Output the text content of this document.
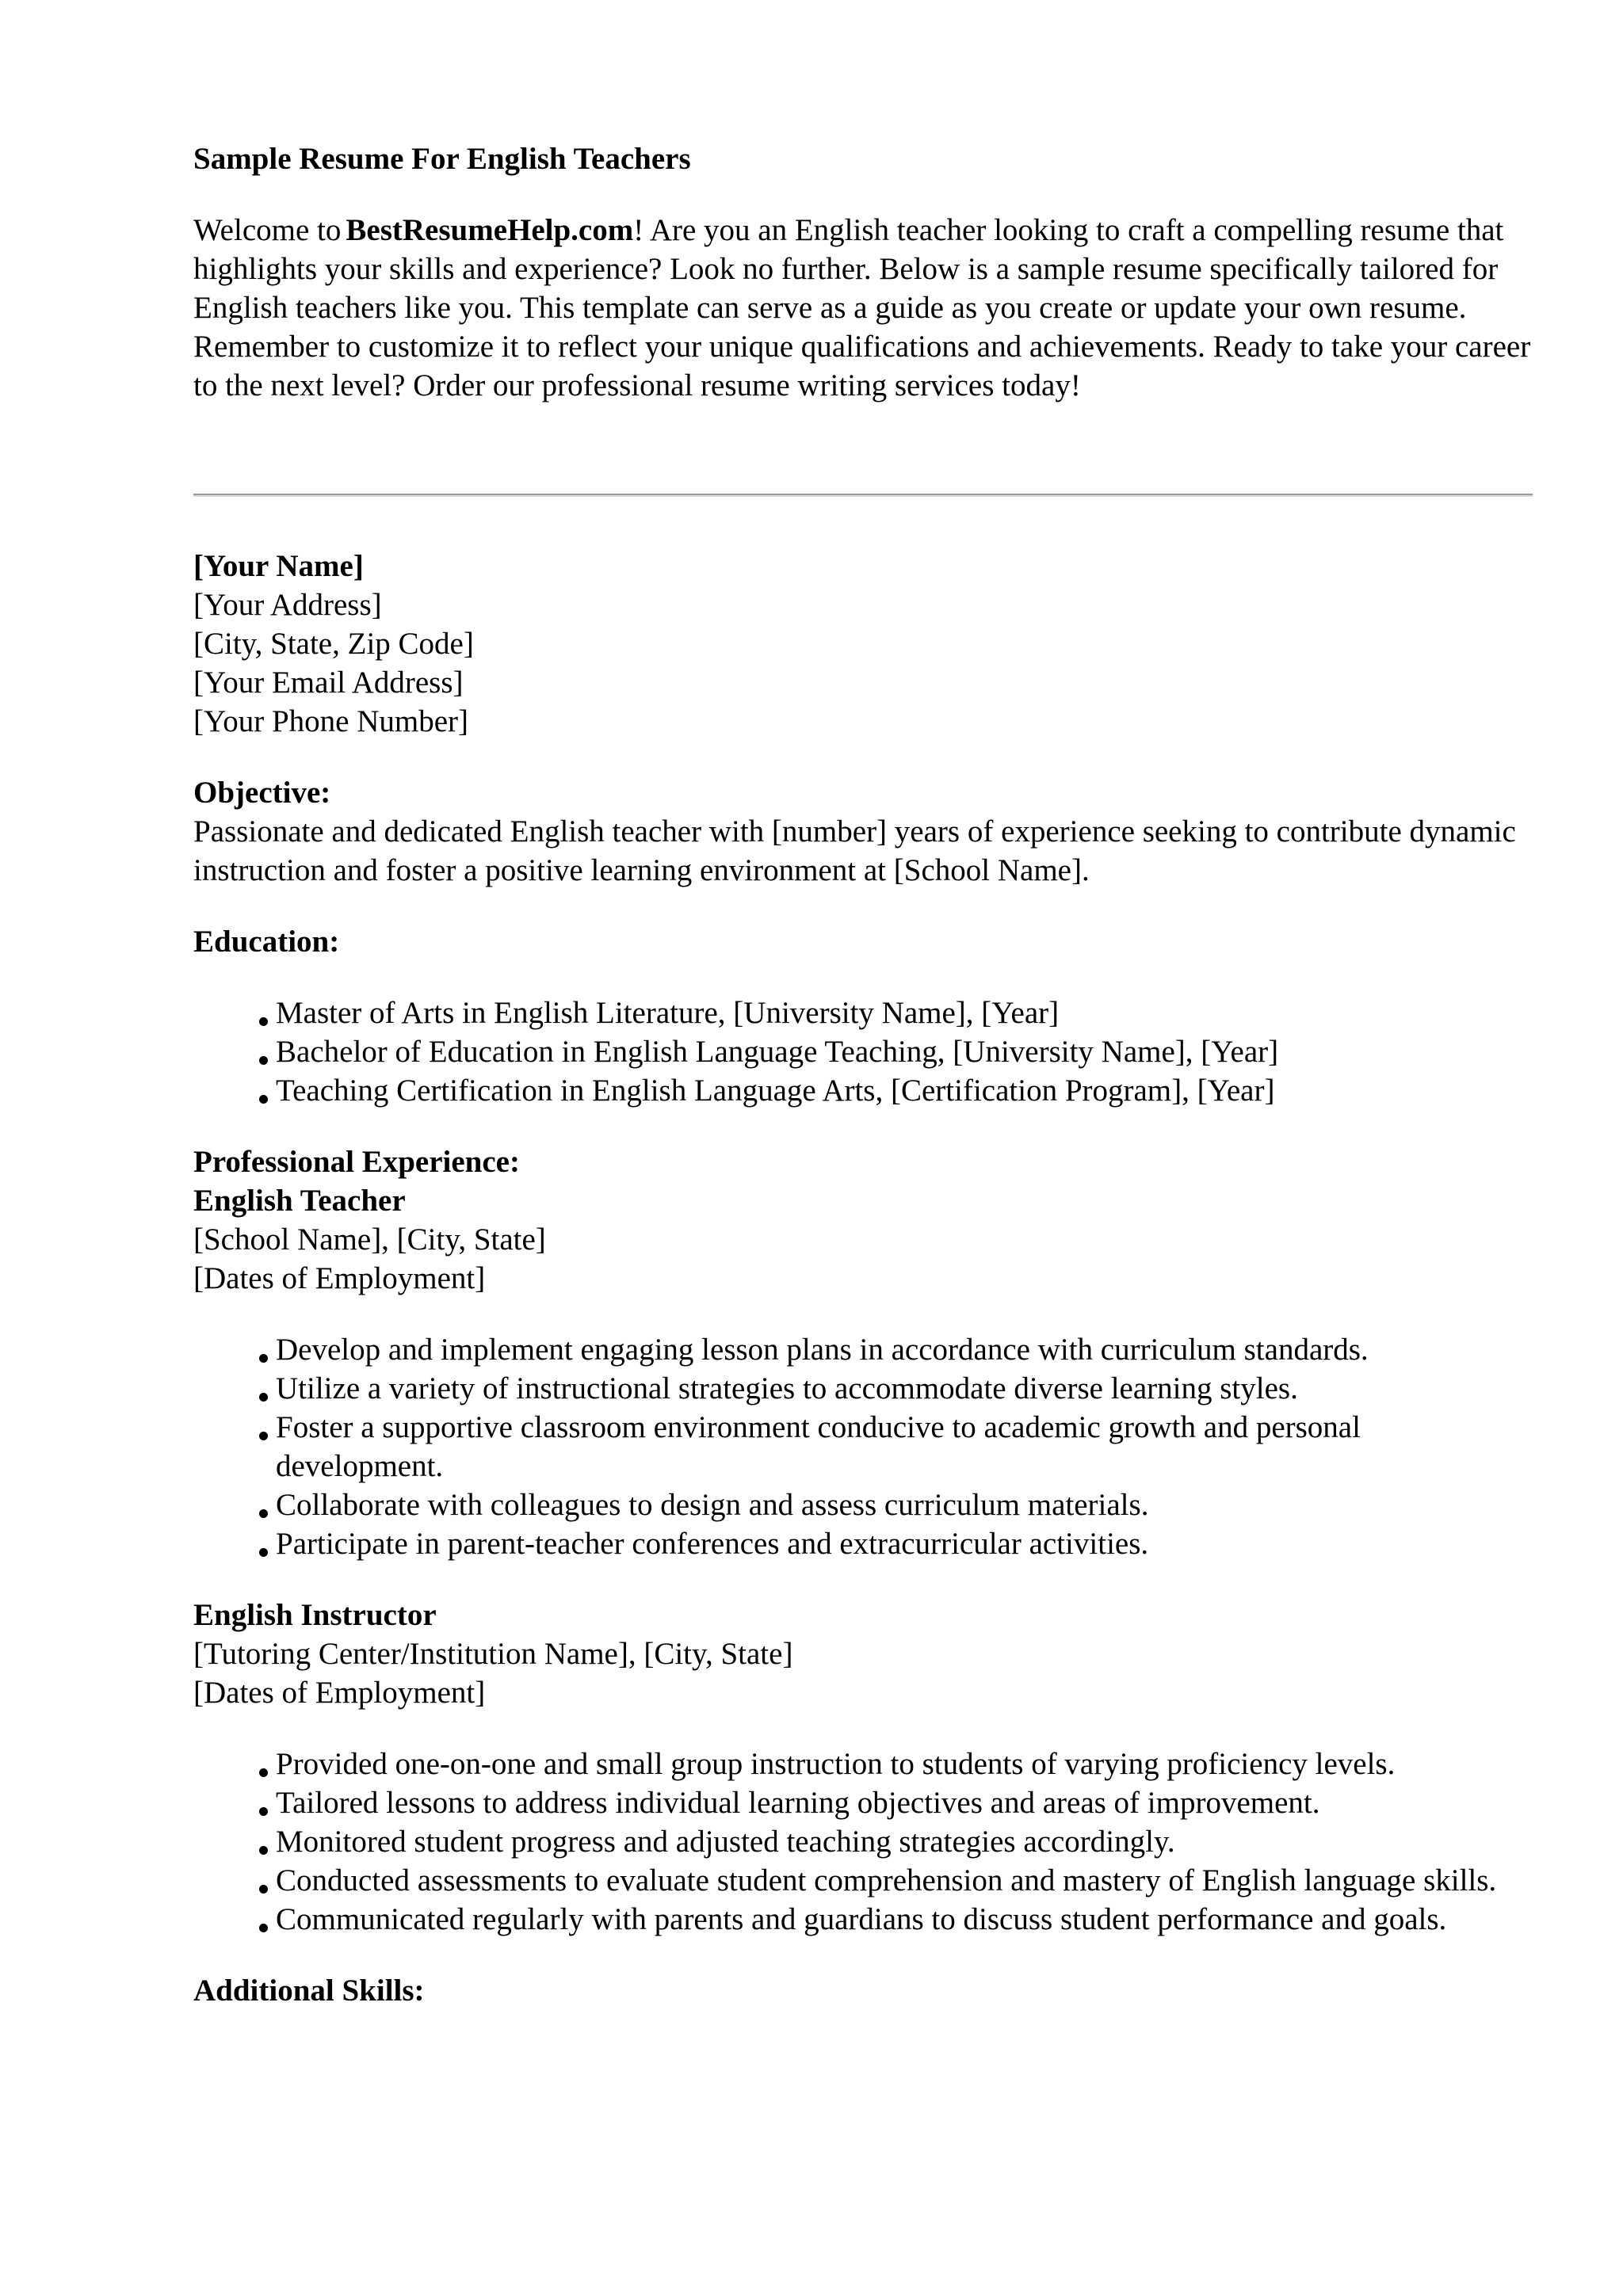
Sample Resume For English Teachers

Welcome to BestResumeHelp.com! Are you an English teacher looking to craft a compelling resume that highlights your skills and experience? Look no further. Below is a sample resume specifically tailored for English teachers like you. This template can serve as a guide as you create or update your own resume. Remember to customize it to reflect your unique qualifications and achievements. Ready to take your career to the next level? Order our professional resume writing services today!

[Your Name]

[Your Address]

[City, State, Zip Code]

[Your Email Address]

[Your Phone Number]

Objective:

Passionate and dedicated English teacher with [number] years of experience seeking to contribute dynamic instruction and foster a positive learning environment at [School Name].

Education:

Master of Arts in English Literature, [University Name], [Year]
Bachelor of Education in English Language Teaching, [University Name], [Year]
Teaching Certification in English Language Arts, [Certification Program], [Year]

Professional Experience:

English Teacher

[School Name], [City, State]

[Dates of Employment]

Develop and implement engaging lesson plans in accordance with curriculum standards.
Utilize a variety of instructional strategies to accommodate diverse learning styles.
Foster a supportive classroom environment conducive to academic growth and personal development.
Collaborate with colleagues to design and assess curriculum materials.
Participate in parent-teacher conferences and extracurricular activities.

English Instructor

[Tutoring Center/Institution Name], [City, State]

[Dates of Employment]

Provided one-on-one and small group instruction to students of varying proficiency levels.
Tailored lessons to address individual learning objectives and areas of improvement.
Monitored student progress and adjusted teaching strategies accordingly.
Conducted assessments to evaluate student comprehension and mastery of English language skills.
Communicated regularly with parents and guardians to discuss student performance and goals.

Additional Skills:
